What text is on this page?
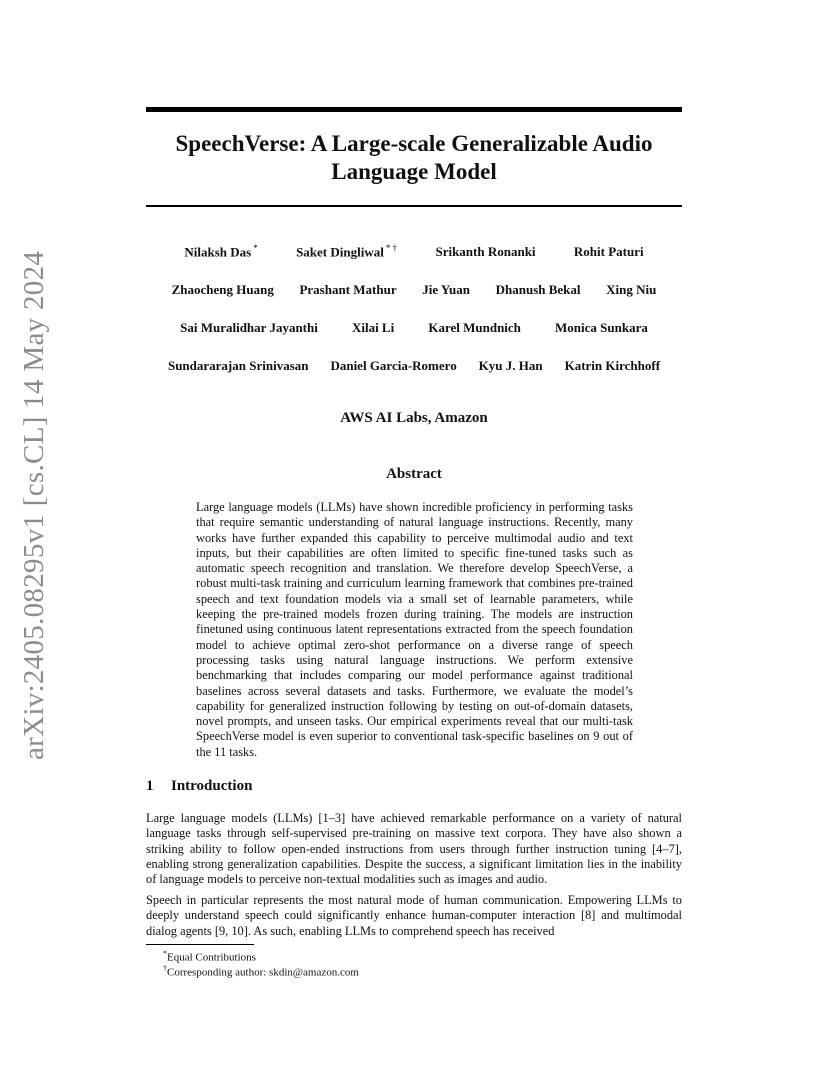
arXiv:2405.08295v1 [cs.CL] 14 May 2024
SpeechVerse: A Large-scale Generalizable Audio Language Model
Nilaksh Das *	Saket Dingliwal * †	Srikanth Ronanki	Rohit Paturi
Zhaocheng Huang Prashant Mathur Jie Yuan Dhanush Bekal Xing Niu
Sai Muralidhar Jayanthi	Xilai Li	Karel Mundnich	Monica Sunkara
Sundararajan Srinivasan Daniel Garcia-Romero Kyu J. Han Katrin Kirchhoff
AWS AI Labs, Amazon
Abstract
Large language models (LLMs) have shown incredible proficiency in performing tasks that require semantic understanding of natural language instructions. Recently, many works have further expanded this capability to perceive multimodal audio and text inputs, but their capabilities are often limited to specific fine-tuned tasks such as automatic speech recognition and translation. We therefore develop SpeechVerse, a robust multi-task training and curriculum learning framework that combines pre-trained speech and text foundation models via a small set of learnable parameters, while keeping the pre-trained models frozen during training. The models are instruction finetuned using continuous latent representations extracted from the speech foundation model to achieve optimal zero-shot performance on a diverse range of speech processing tasks using natural language instructions. We perform extensive benchmarking that includes comparing our model performance against traditional baselines across several datasets and tasks. Furthermore, we evaluate the model’s capability for generalized instruction following by testing on out-of-domain datasets, novel prompts, and unseen tasks. Our empirical experiments reveal that our multi-task SpeechVerse model is even superior to conventional task-specific baselines on 9 out of the 11 tasks.
1 Introduction
Large language models (LLMs) [1–3] have achieved remarkable performance on a variety of natural language tasks through self-supervised pre-training on massive text corpora. They have also shown a striking ability to follow open-ended instructions from users through further instruction tuning [4–7], enabling strong generalization capabilities. Despite the success, a significant limitation lies in the inability of language models to perceive non-textual modalities such as images and audio.
Speech in particular represents the most natural mode of human communication. Empowering LLMs to deeply understand speech could significantly enhance human-computer interaction [8] and multimodal dialog agents [9, 10]. As such, enabling LLMs to comprehend speech has received
*Equal Contributions
†Corresponding author: skdin@amazon.com
